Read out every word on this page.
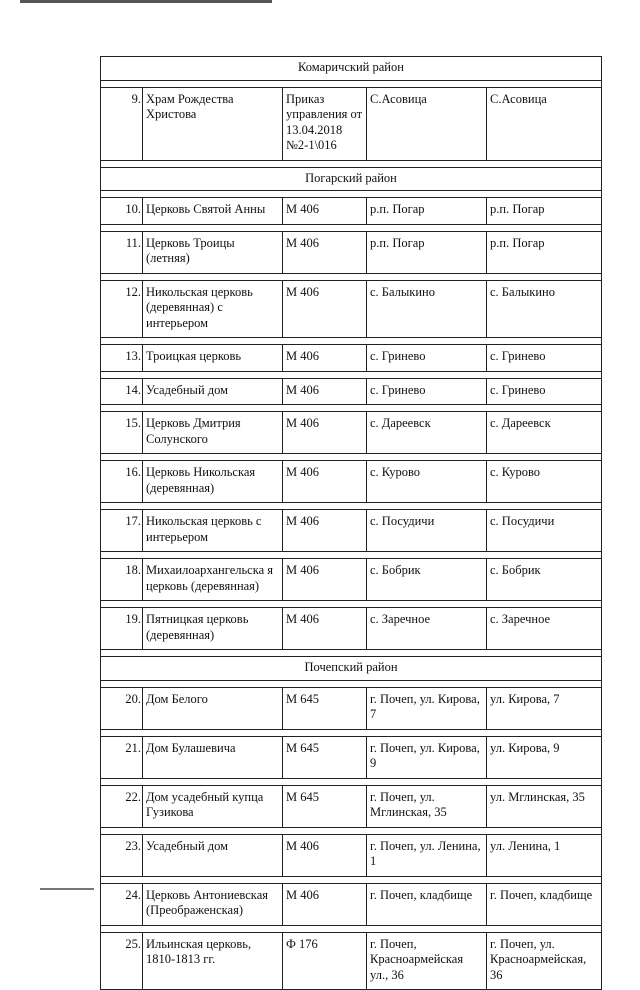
Комаричский район				

9.	Храм Рождества Христова	Приказ управления от 13.04.2018 №2-1\016	С.Асовица	С.Асовица

Погарский район				

10.	Церковь Святой Анны	М 406	р.п. Погар	р.п. Погар

11.	Церковь Троицы (летняя)	М 406	р.п. Погар	р.п. Погар

12.	Никольская церковь (деревянная) с интерьером	М 406	с. Балыкино	с. Балыкино

13.	Троицкая церковь	М 406	с. Гринево	с. Гринево

14.	Усадебный дом	М 406	с. Гринево	с. Гринево

15.	Церковь Дмитрия Солунского	М 406	с. Дареевск	с. Дареевск

16.	Церковь Никольская (деревянная)	М 406	с. Курово	с. Курово

17.	Никольская церковь с интерьером	М 406	с. Посудичи	с. Посудичи

18.	Михаилоархангельска я церковь (деревянная)	М 406	с. Бобрик	с. Бобрик

19.	Пятницкая церковь (деревянная)	М 406	с. Заречное	с. Заречное

Почепский район				

20.	Дом Белого	М 645	г. Почеп, ул. Кирова, 7	ул. Кирова, 7

21.	Дом Булашевича	М 645	г. Почеп, ул. Кирова, 9	ул. Кирова, 9

22.	Дом усадебный купца Гузикова	М 645	г. Почеп, ул. Мглинская, 35	ул. Мглинская, 35

23.	Усадебный дом	М 406	г. Почеп, ул. Ленина, 1	ул. Ленина, 1

24.	Церковь Антониевская (Преображенская)	М 406	г. Почеп, кладбище	г. Почеп, кладбище

25.	Ильинская церковь, 1810-1813 гг.	Ф 176	г. Почеп, Красноармейская ул., 36	г. Почеп, ул. Красноармейская, 36
